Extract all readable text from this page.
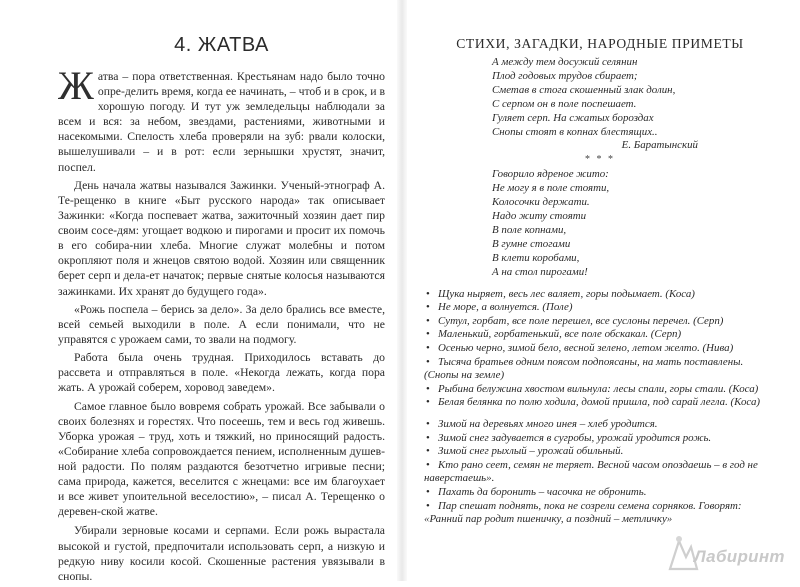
4. ЖАТВА

Жатва – пора ответственная. Крестьянам надо было точно опре-делить время, когда ее начинать, – чтоб и в срок, и в хорошую погоду. И тут уж земледельцы наблюдали за всем и вся: за небом, звездами, растениями, животными и насекомыми. Спелость хлеба проверяли на зуб: рвали колоски, вышелушивали – и в рот: если зернышки хрустят, значит, поспел.

День начала жатвы назывался Зажинки. Ученый-этнограф А. Те-рещенко в книге «Быт русского народа» так описывает Зажинки: «Когда поспевает жатва, зажиточный хозяин дает пир своим сосе-дям: угощает водкою и пирогами и просит их помочь в его собира-нии хлеба. Многие служат молебны и потом окропляют поля и жнецов святою водой. Хозяин или священник берет серп и дела-ет начаток; первые снятые колосья называются зажинками. Их хранят до будущего года».

«Рожь поспела – берись за дело». За дело брались все вместе, всей семьей выходили в поле. А если понимали, что не управятся с урожаем сами, то звали на подмогу.

Работа была очень трудная. Приходилось вставать до рассвета и отправляться в поле. «Некогда лежать, когда пора жать. А урожай соберем, хоровод заведем».

Самое главное было вовремя собрать урожай. Все забывали о своих болезнях и горестях. Что посеешь, тем и весь год живешь. Уборка урожая – труд, хоть и тяжкий, но приносящий радость. «Собирание хлеба сопровождается пением, исполненным душев-ной радости. По полям раздаются безотчетно игривые песни; сама природа, кажется, веселится с жнецами: все им благоухает и все живет упоительной веселостию», – писал А. Терещенко о деревен-ской жатве.

Убирали зерновые косами и серпами. Если рожь вырастала высокой и густой, предпочитали использовать серп, а низкую и редкую ниву косили косой. Скошенные растения увязывали в снопы.

СТИХИ, ЗАГАДКИ, НАРОДНЫЕ ПРИМЕТЫ
А между тем досужий селянин
Плод годовых трудов сбирает;
Сметав в стога скошенный злак долин,
С серпом он в поле поспешает.
Гуляет серп. На сжатых бороздах
Снопы стоят в копнах блестящих..
Е. Баратынский
* * *
Говорило ядреное жито:
Не могу я в поле стояти,
Колосочки держати.
Надо житу стояти
В поле копнами,
В гумне стогами
В клети коробами,
А на стол пирогами!
• Щука ныряет, весь лес валяет, горы подымает. (Коса)
• Не море, а волнуется. (Поле)
• Сутул, горбат, все поле перешел, все суслоны перечел. (Серп)
• Маленький, горбатенький, все поле обскакал. (Серп)
• Осенью черно, зимой бело, весной зелено, летом желто. (Нива)
• Тысяча братьев одним поясом подпоясаны, на мать поставлены.
(Снопы на земле)
• Рыбина белужина хвостом вильнула: лесы спали, горы стали. (Коса)
• Белая белянка по полю ходила, домой пришла, под сарай легла. (Коса)
• Зимой на деревьях много инея – хлеб уродится.
• Зимой снег задувается в сугробы, урожай уродится рожь.
• Зимой снег рыхлый – урожай обильный.
• Кто рано сеет, семян не теряет. Весной часом опоздаешь – в год не
наверстаешь».
• Пахать да боронить – часочка не обронить.
• Пар спешат поднять, пока не созрели семена сорняков. Говорят:
«Ранний пар родит пшеничку, а поздний – метличку»
Лабиринт
